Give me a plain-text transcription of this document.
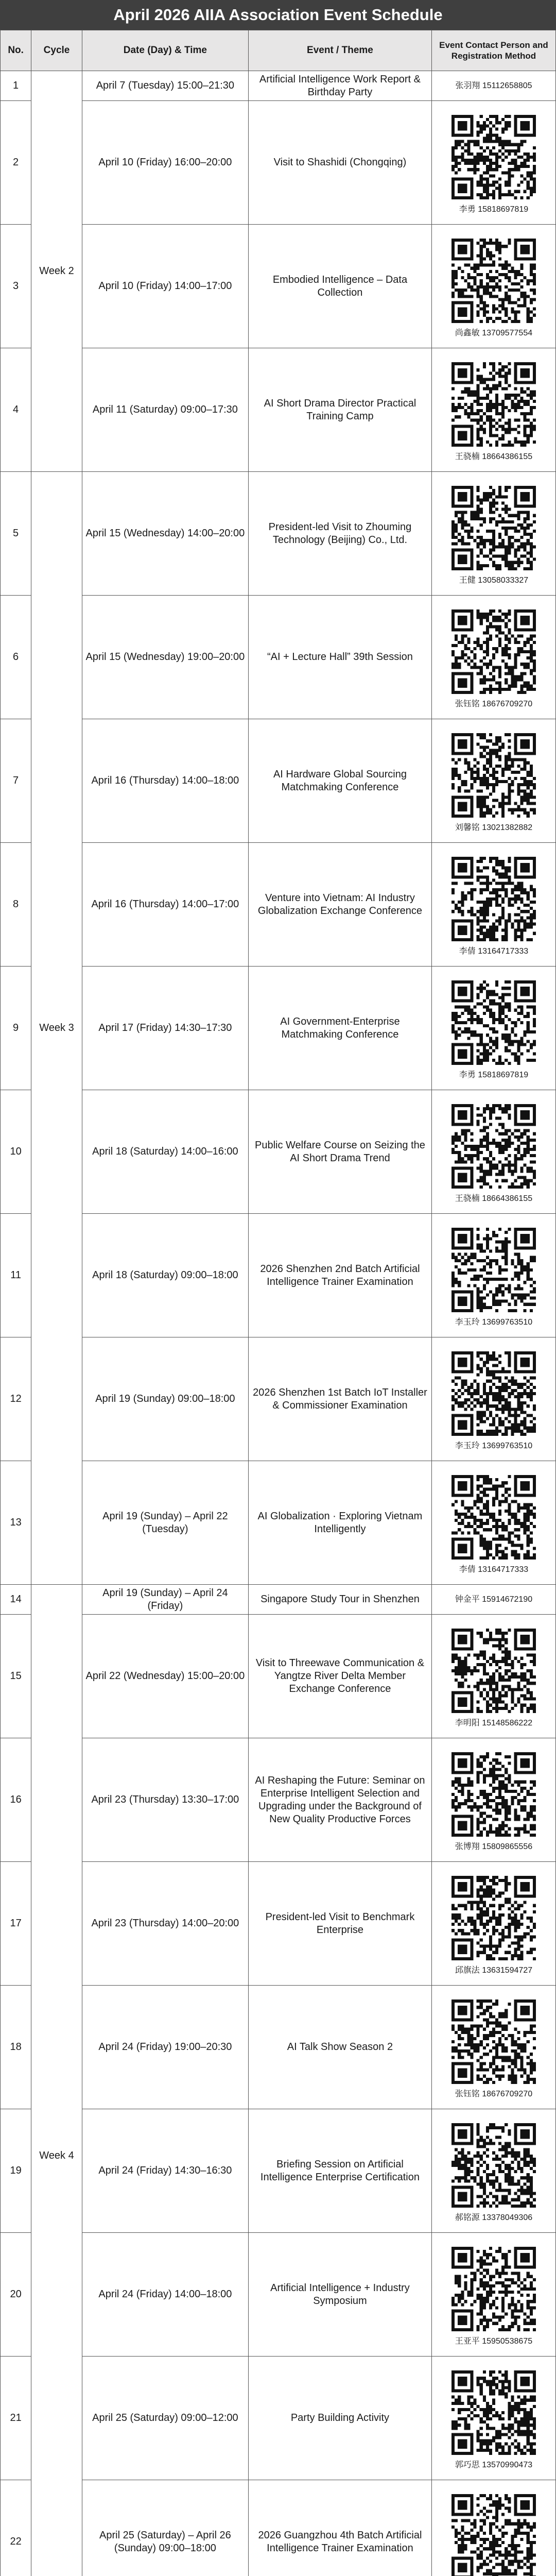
April 2026 AIIA Association Event Schedule
No.	Cycle	Date (Day) & Time	Event / Theme	Event Contact Person and Registration Method
1	Week 2	April 7 (Tuesday) 15:00–21:30	Artificial Intelligence Work Report & Birthday Party	张羽翔 15112658805

2		April 10 (Friday) 16:00–20:00	Visit to Shashidi (Chongqing)	李勇 15818697819

3		April 10 (Friday) 14:00–17:00	Embodied Intelligence – Data Collection	尚鑫敏 13709577554

4		April 11 (Saturday) 09:00–17:30	AI Short Drama Director Practical Training Camp	王骁楠 18664386155

5	Week 3	April 15 (Wednesday) 14:00–20:00	President-led Visit to Zhouming Technology (Beijing) Co., Ltd.	王健 13058033327

6		April 15 (Wednesday) 19:00–20:00	“AI + Lecture Hall” 39th Session	张钰铭 18676709270

7		April 16 (Thursday) 14:00–18:00	AI Hardware Global Sourcing Matchmaking Conference	刘馨铭 13021382882

8		April 16 (Thursday) 14:00–17:00	Venture into Vietnam: AI Industry Globalization Exchange Conference	李倩 13164717333

9		April 17 (Friday) 14:30–17:30	AI Government-Enterprise Matchmaking Conference	李勇 15818697819

10		April 18 (Saturday) 14:00–16:00	Public Welfare Course on Seizing the AI Short Drama Trend	王骁楠 18664386155

11		April 18 (Saturday) 09:00–18:00	2026 Shenzhen 2nd Batch Artificial Intelligence Trainer Examination	李玉玲 13699763510

12		April 19 (Sunday) 09:00–18:00	2026 Shenzhen 1st Batch IoT Installer & Commissioner Examination	李玉玲 13699763510

13		April 19 (Sunday) – April 22 (Tuesday)	AI Globalization · Exploring Vietnam Intelligently	李倩 13164717333

14	Week 4	April 19 (Sunday) – April 24 (Friday)	Singapore Study Tour in Shenzhen	钟金平 15914672190

15		April 22 (Wednesday) 15:00–20:00	Visit to Threewave Communication & Yangtze River Delta Member Exchange Conference	李明阳 15148586222

16		April 23 (Thursday) 13:30–17:00	AI Reshaping the Future: Seminar on Enterprise Intelligent Selection and Upgrading under the Background of New Quality Productive Forces	张博翔 15809865556

17		April 23 (Thursday) 14:00–20:00	President-led Visit to Benchmark Enterprise	邱旗法 13631594727

18		April 24 (Friday) 19:00–20:30	AI Talk Show Season 2	张钰铭 18676709270

19		April 24 (Friday) 14:30–16:30	Briefing Session on Artificial Intelligence Enterprise Certification	郝铭源 13378049306

20		April 24 (Friday) 14:00–18:00	Artificial Intelligence + Industry Symposium	王亚平 15950538675

21		April 25 (Saturday) 09:00–12:00	Party Building Activity	郭巧思 13570990473

22		April 25 (Saturday) – April 26 (Sunday) 09:00–18:00	2026 Guangzhou 4th Batch Artificial Intelligence Trainer Examination	
